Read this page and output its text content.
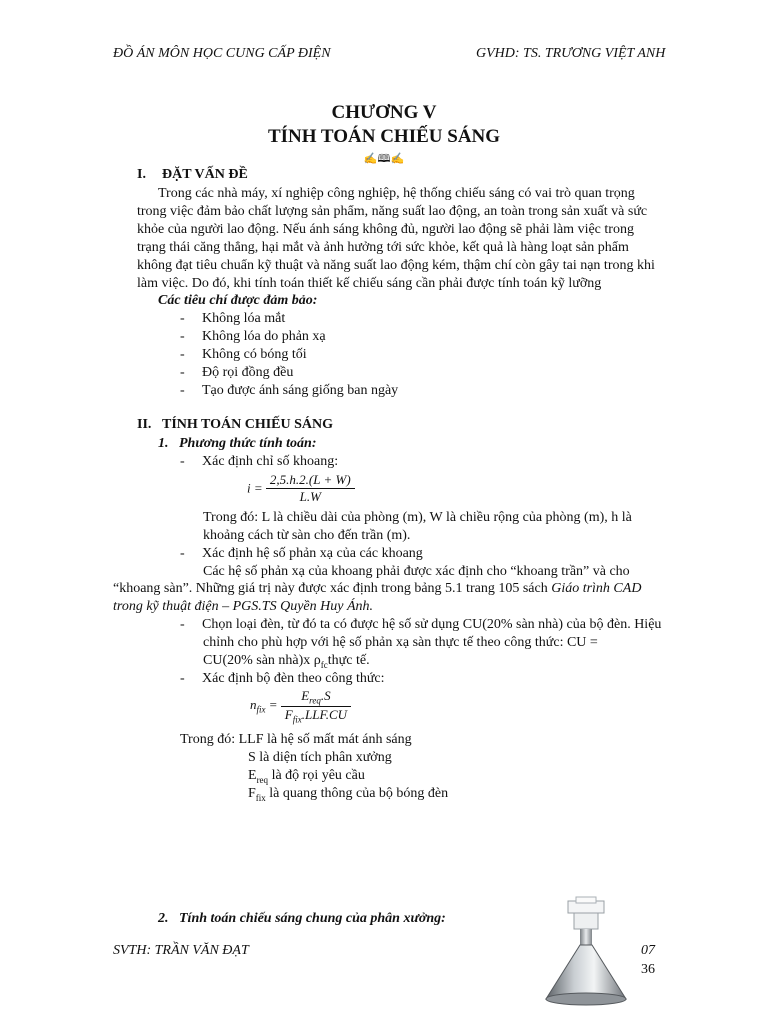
ĐỒ ÁN MÔN HỌC CUNG CẤP ĐIỆN	GVHD: TS. TRƯƠNG VIỆT ANH
CHƯƠNG V
TÍNH TOÁN CHIẾU SÁNG
✍🕮✍
I. ĐẶT VẤN ĐỀ
Trong các nhà máy, xí nghiệp công nghiệp, hệ thống chiếu sáng có vai trò quan trọng
trong việc đảm bảo chất lượng sản phẩm, năng suất lao động, an toàn trong sản xuất và sức
khỏe của người lao động. Nếu ánh sáng không đủ, người lao động sẽ phải làm việc trong
trạng thái căng thẳng, hại mắt và ảnh hưởng tới sức khỏe, kết quả là hàng loạt sản phẩm
không đạt tiêu chuẩn kỹ thuật và năng suất lao động kém, thậm chí còn gây tai nạn trong khi
làm việc. Do đó, khi tính toán thiết kế chiếu sáng cần phải được tính toán kỹ lưỡng
Các tiêu chí được đảm bảo:
- Không lóa mắt
- Không lóa do phản xạ
- Không có bóng tối
- Độ rọi đồng đều
- Tạo được ánh sáng giống ban ngày
II. TÍNH TOÁN CHIẾU SÁNG
1. Phương thức tính toán:
- Xác định chỉ số khoang:
$i = \frac{2,5.h.2.(L + W)}{L.W}$
Trong đó: L là chiều dài của phòng (m), W là chiều rộng của phòng (m), h là
khoảng cách từ sàn cho đến trần (m).
- Xác định hệ số phản xạ của các khoang
Các hệ số phản xạ của khoang phải được xác định cho “khoang trần” và cho
“khoang sàn”. Những giá trị này được xác định trong bảng 5.1 trang 105 sách Giáo trình CAD
trong kỹ thuật điện – PGS.TS Quyền Huy Ánh.
- Chọn loại đèn, từ đó ta có được hệ số sử dụng CU(20% sàn nhà) của bộ đèn. Hiệu
chỉnh cho phù hợp với hệ số phản xạ sàn thực tế theo công thức: CU =
CU(20% sàn nhà)x $\rho_{fc}thực$ tế.
- Xác định bộ đèn theo công thức:
$n_{fix} = \frac{E_{req}.S}{F_{fix}.LLF.CU}$
Trong đó: LLF là hệ số mất mát ánh sáng
S là diện tích phân xưởng
$E_{req}$ là độ rọi yêu cầu
$F_{fix}$ là quang thông của bộ bóng đèn
2. Tính toán chiếu sáng chung của phân xưởng:
SVTH: TRẦN VĂN ĐẠT	07
36
